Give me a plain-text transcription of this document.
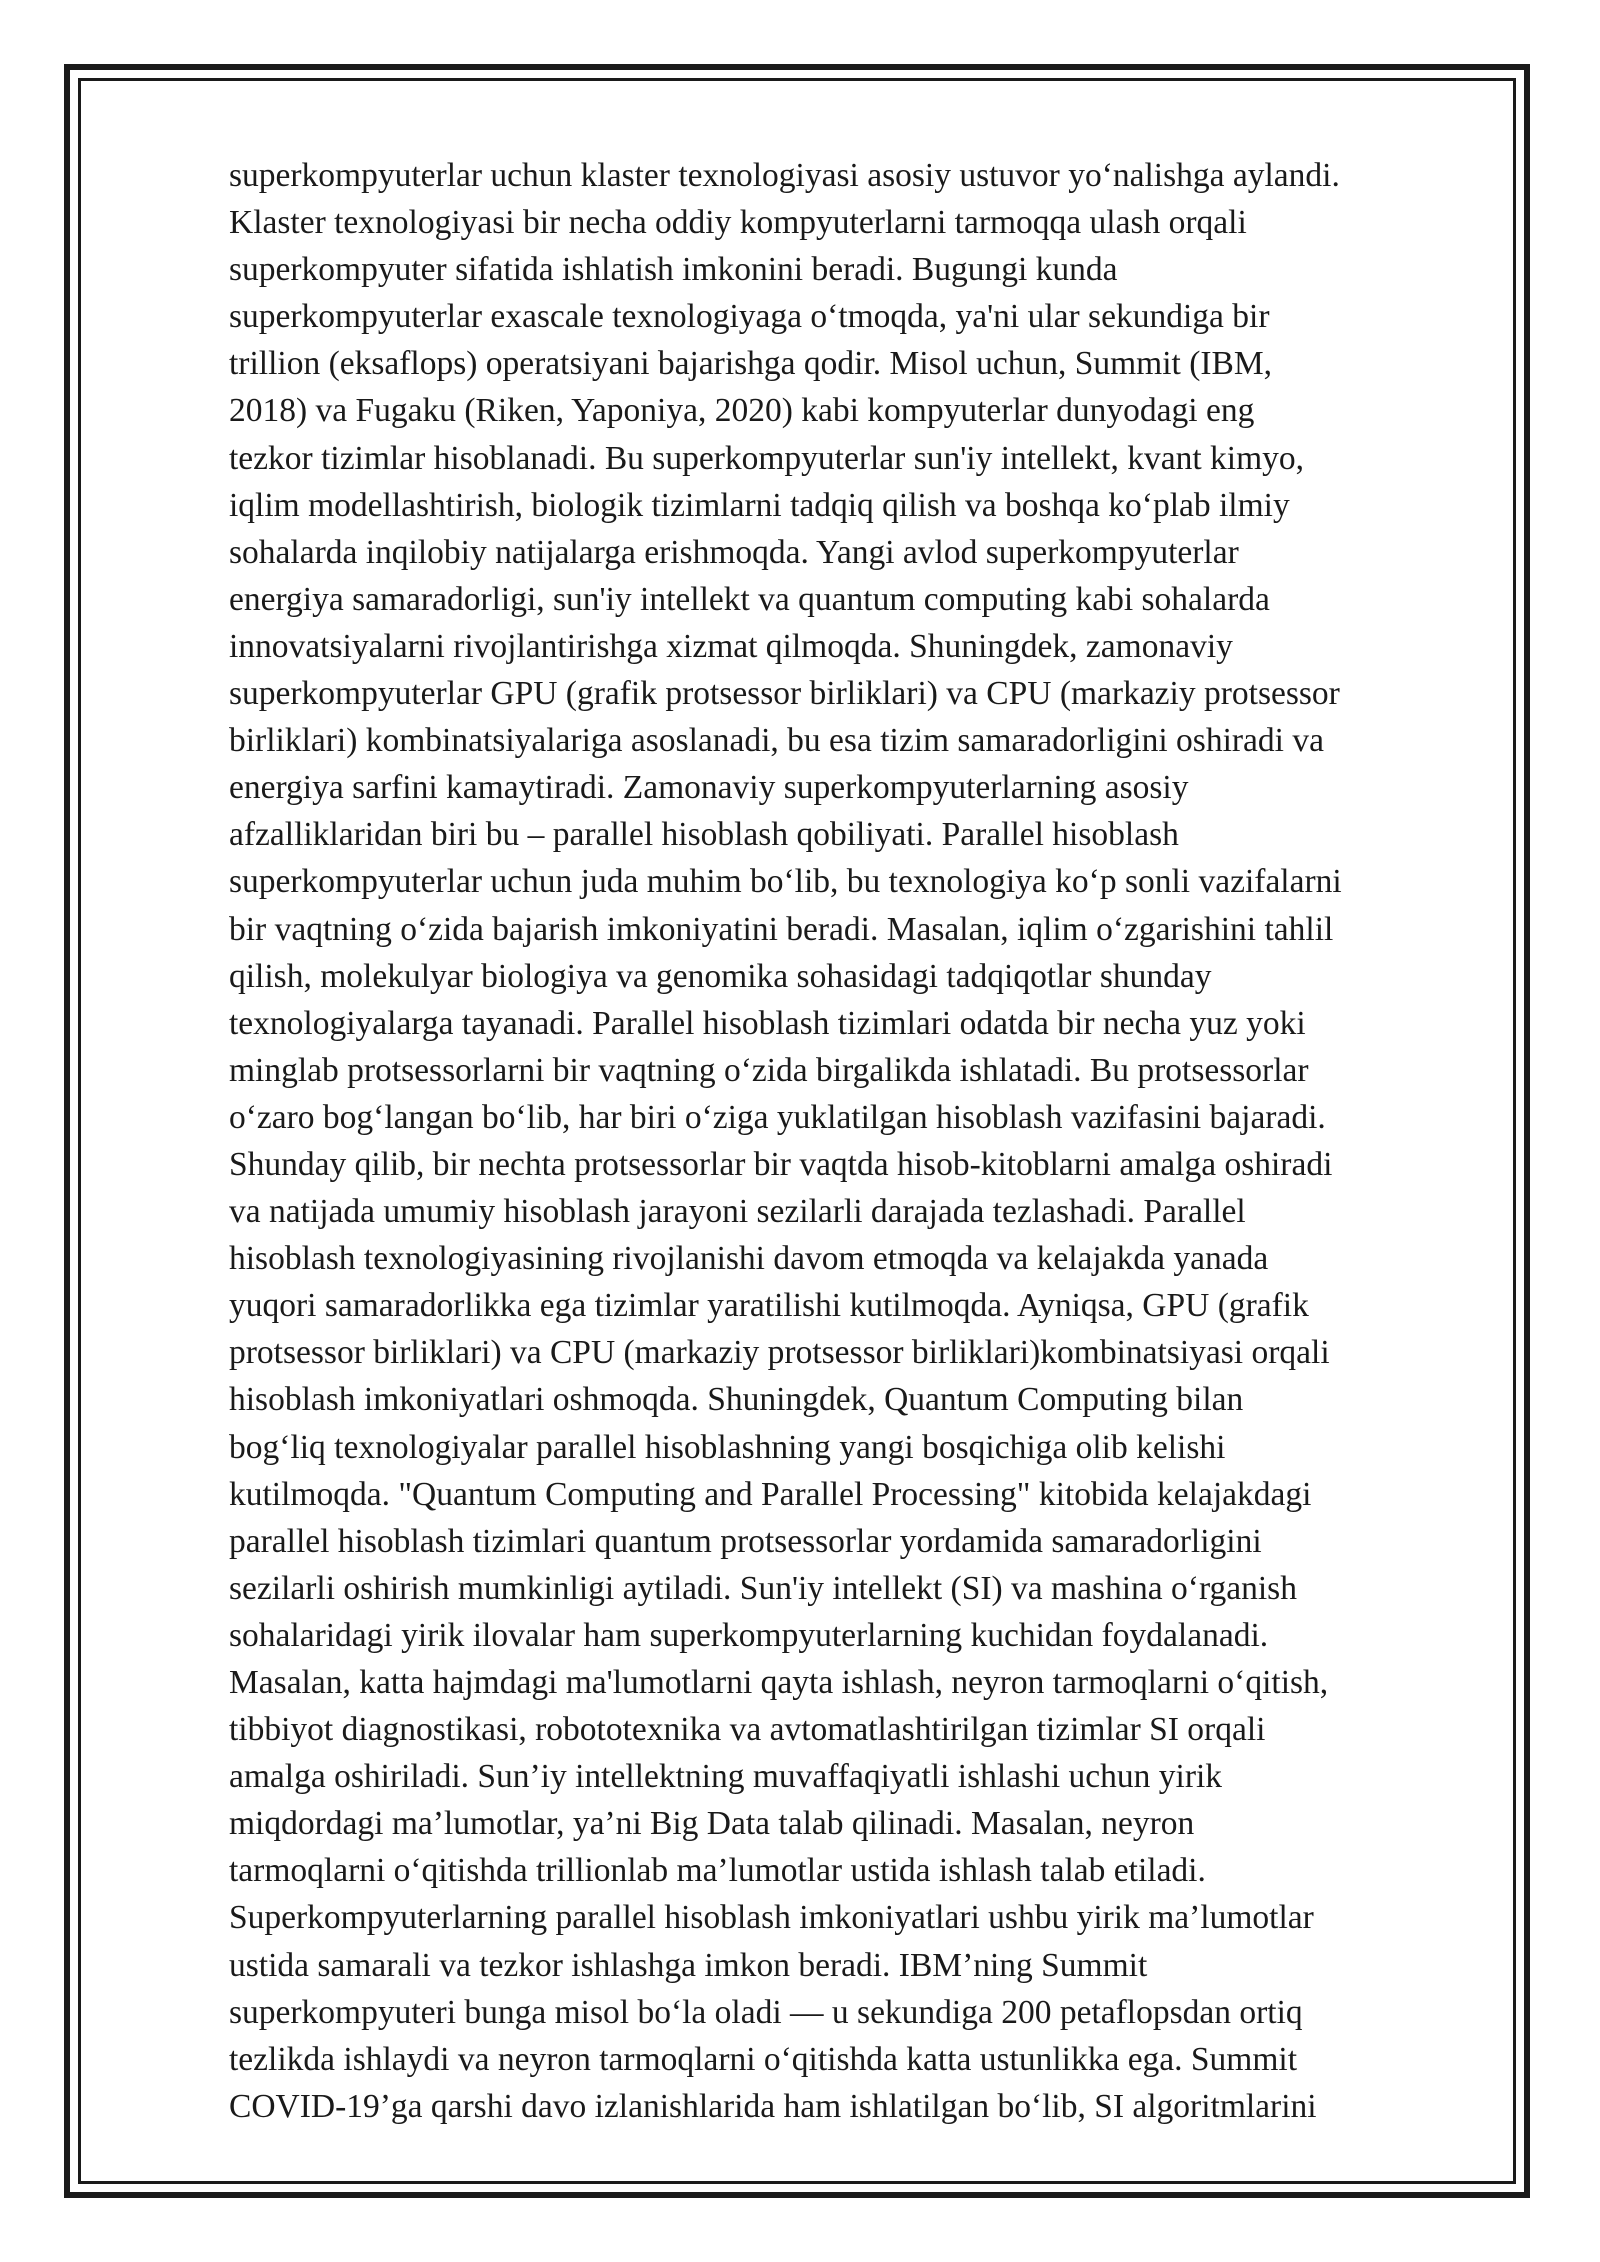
superkompyuterlar uchun klaster texnologiyasi asosiy ustuvor yoʻnalishga aylandi.
Klaster texnologiyasi bir necha oddiy kompyuterlarni tarmoqqa ulash orqali
superkompyuter sifatida ishlatish imkonini beradi. Bugungi kunda
superkompyuterlar exascale texnologiyaga oʻtmoqda, ya'ni ular sekundiga bir
trillion (eksaflops) operatsiyani bajarishga qodir. Misol uchun, Summit (IBM,
2018) va Fugaku (Riken, Yaponiya, 2020) kabi kompyuterlar dunyodagi eng
tezkor tizimlar hisoblanadi. Bu superkompyuterlar sun'iy intellekt, kvant kimyo,
iqlim modellashtirish, biologik tizimlarni tadqiq qilish va boshqa koʻplab ilmiy
sohalarda inqilobiy natijalarga erishmoqda. Yangi avlod superkompyuterlar
energiya samaradorligi, sun'iy intellekt va quantum computing kabi sohalarda
innovatsiyalarni rivojlantirishga xizmat qilmoqda. Shuningdek, zamonaviy
superkompyuterlar GPU (grafik protsessor birliklari) va CPU (markaziy protsessor
birliklari) kombinatsiyalariga asoslanadi, bu esa tizim samaradorligini oshiradi va
energiya sarfini kamaytiradi. Zamonaviy superkompyuterlarning asosiy
afzalliklaridan biri bu – parallel hisoblash qobiliyati. Parallel hisoblash
superkompyuterlar uchun juda muhim boʻlib, bu texnologiya koʻp sonli vazifalarni
bir vaqtning oʻzida bajarish imkoniyatini beradi. Masalan, iqlim oʻzgarishini tahlil
qilish, molekulyar biologiya va genomika sohasidagi tadqiqotlar shunday
texnologiyalarga tayanadi. Parallel hisoblash tizimlari odatda bir necha yuz yoki
minglab protsessorlarni bir vaqtning oʻzida birgalikda ishlatadi. Bu protsessorlar
oʻzaro bogʻlangan boʻlib, har biri oʻziga yuklatilgan hisoblash vazifasini bajaradi.
Shunday qilib, bir nechta protsessorlar bir vaqtda hisob-kitoblarni amalga oshiradi
va natijada umumiy hisoblash jarayoni sezilarli darajada tezlashadi. Parallel
hisoblash texnologiyasining rivojlanishi davom etmoqda va kelajakda yanada
yuqori samaradorlikka ega tizimlar yaratilishi kutilmoqda. Ayniqsa, GPU (grafik
protsessor birliklari) va CPU (markaziy protsessor birliklari)kombinatsiyasi orqali
hisoblash imkoniyatlari oshmoqda. Shuningdek, Quantum Computing bilan
bogʻliq texnologiyalar parallel hisoblashning yangi bosqichiga olib kelishi
kutilmoqda. "Quantum Computing and Parallel Processing" kitobida kelajakdagi
parallel hisoblash tizimlari quantum protsessorlar yordamida samaradorligini
sezilarli oshirish mumkinligi aytiladi. Sun'iy intellekt (SI) va mashina oʻrganish
sohalaridagi yirik ilovalar ham superkompyuterlarning kuchidan foydalanadi.
Masalan, katta hajmdagi ma'lumotlarni qayta ishlash, neyron tarmoqlarni oʻqitish,
tibbiyot diagnostikasi, robototexnika va avtomatlashtirilgan tizimlar SI orqali
amalga oshiriladi. Sun’iy intellektning muvaffaqiyatli ishlashi uchun yirik
miqdordagi ma’lumotlar, ya’ni Big Data talab qilinadi. Masalan, neyron
tarmoqlarni oʻqitishda trillionlab ma’lumotlar ustida ishlash talab etiladi.
Superkompyuterlarning parallel hisoblash imkoniyatlari ushbu yirik ma’lumotlar
ustida samarali va tezkor ishlashga imkon beradi. IBM’ning Summit
superkompyuteri bunga misol boʻla oladi — u sekundiga 200 petaflopsdan ortiq
tezlikda ishlaydi va neyron tarmoqlarni oʻqitishda katta ustunlikka ega. Summit
COVID-19’ga qarshi davo izlanishlarida ham ishlatilgan boʻlib, SI algoritmlarini
